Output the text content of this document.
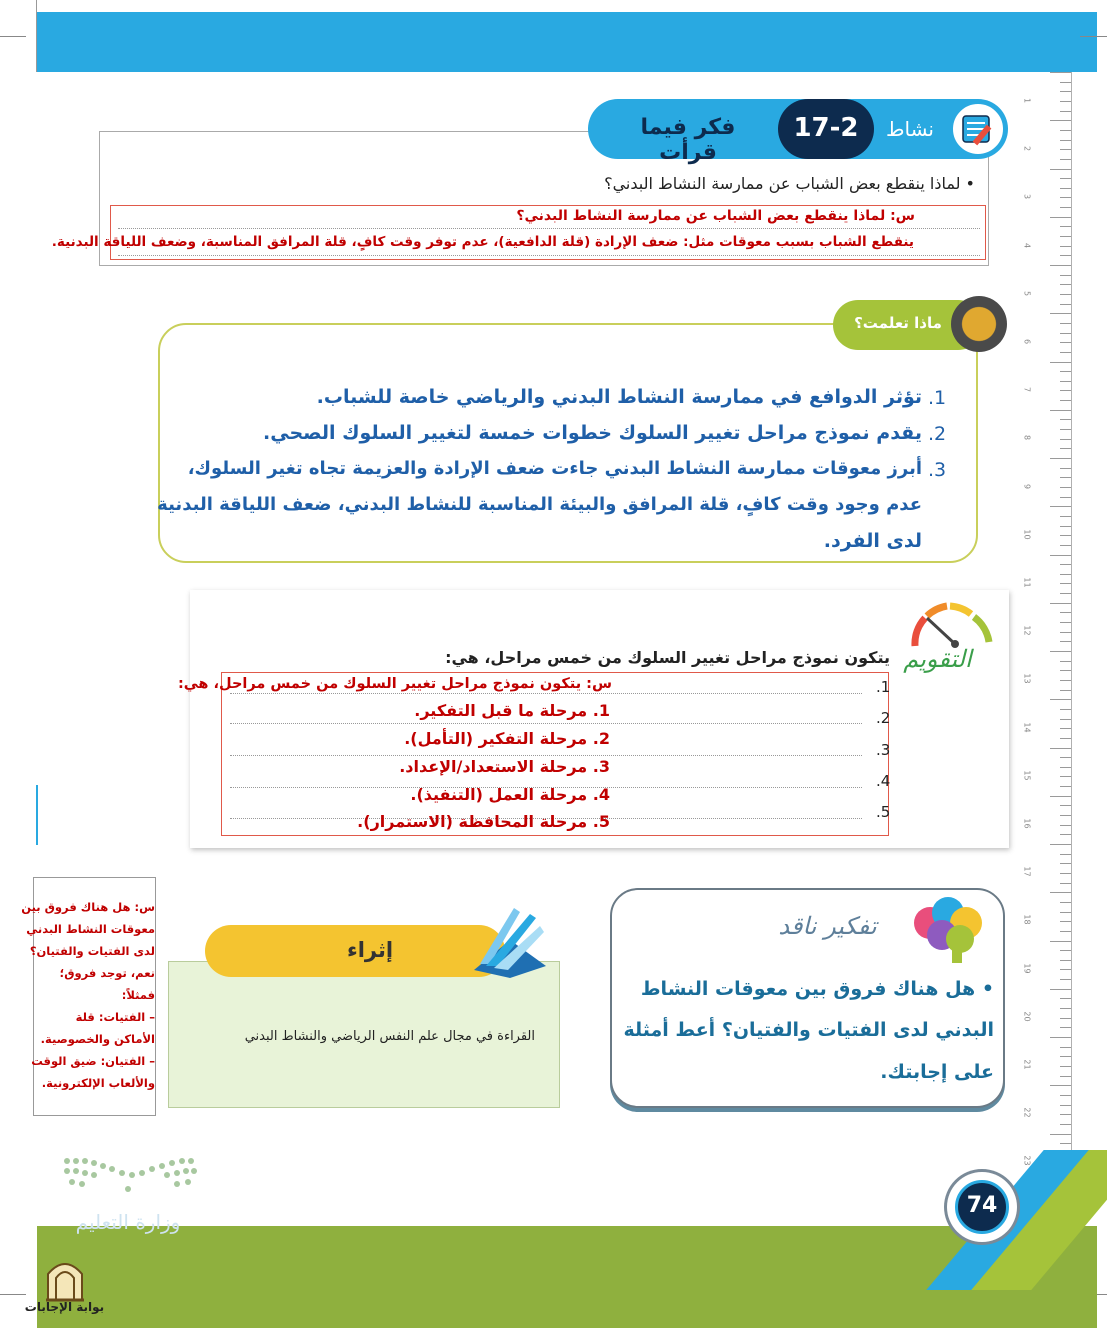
1
2
3
4
5
6
7
8
9
10
11
12
13
14
15
16
17
18
19
20
21
22
23
فكر فيما قرأت
17-2	نشاط
• لماذا ينقطع بعض الشباب عن ممارسة النشاط البدني؟
س: لماذا ينقطع بعض الشباب عن ممارسة النشاط البدني؟
ينقطع الشباب بسبب معوقات مثل: ضعف الإرادة (قلة الدافعية)، عدم توفر وقت كافٍ، قلة المرافق المناسبة، وضعف اللياقة البدنية.
ماذا تعلمت؟
.1
تؤثر الدوافع في ممارسة النشاط البدني والرياضي خاصة للشباب.
.2
يقدم نموذج مراحل تغيير السلوك خطوات خمسة لتغيير السلوك الصحي.
.3
أبرز معوقات ممارسة النشاط البدني جاءت ضعف الإرادة والعزيمة تجاه تغير السلوك،
عدم وجود وقت كافٍ، قلة المرافق والبيئة المناسبة للنشاط البدني، ضعف اللياقة البدنية
لدى الفرد.
التقويم
يتكون نموذج مراحل تغيير السلوك من خمس مراحل، هي:
.1
.2
.3
.4
.5
س: يتكون نموذج مراحل تغيير السلوك من خمس مراحل، هي:
1. مرحلة ما قبل التفكير.
2. مرحلة التفكير (التأمل).
3. مرحلة الاستعداد/الإعداد.
4. مرحلة العمل (التنفيذ).
5. مرحلة المحافظة (الاستمرار).
س: هل هناك فروق بين
معوقات النشاط البدني
لدى الفتيات والفتيان؟
نعم، توجد فروق؛
فمثلاً:
– الفتيات: قلة
الأماكن والخصوصية.
– الفتيان: ضيق الوقت
والألعاب الإلكترونية.
إثراء
القراءة في مجال علم النفس الرياضي والنشاط البدني
تفكير ناقد
• هل هناك فروق بين معوقات النشاط
البدني لدى الفتيات والفتيان؟ أعط أمثلة
على إجابتك.
74
وزارة التعليم
بوابة الإجابات
